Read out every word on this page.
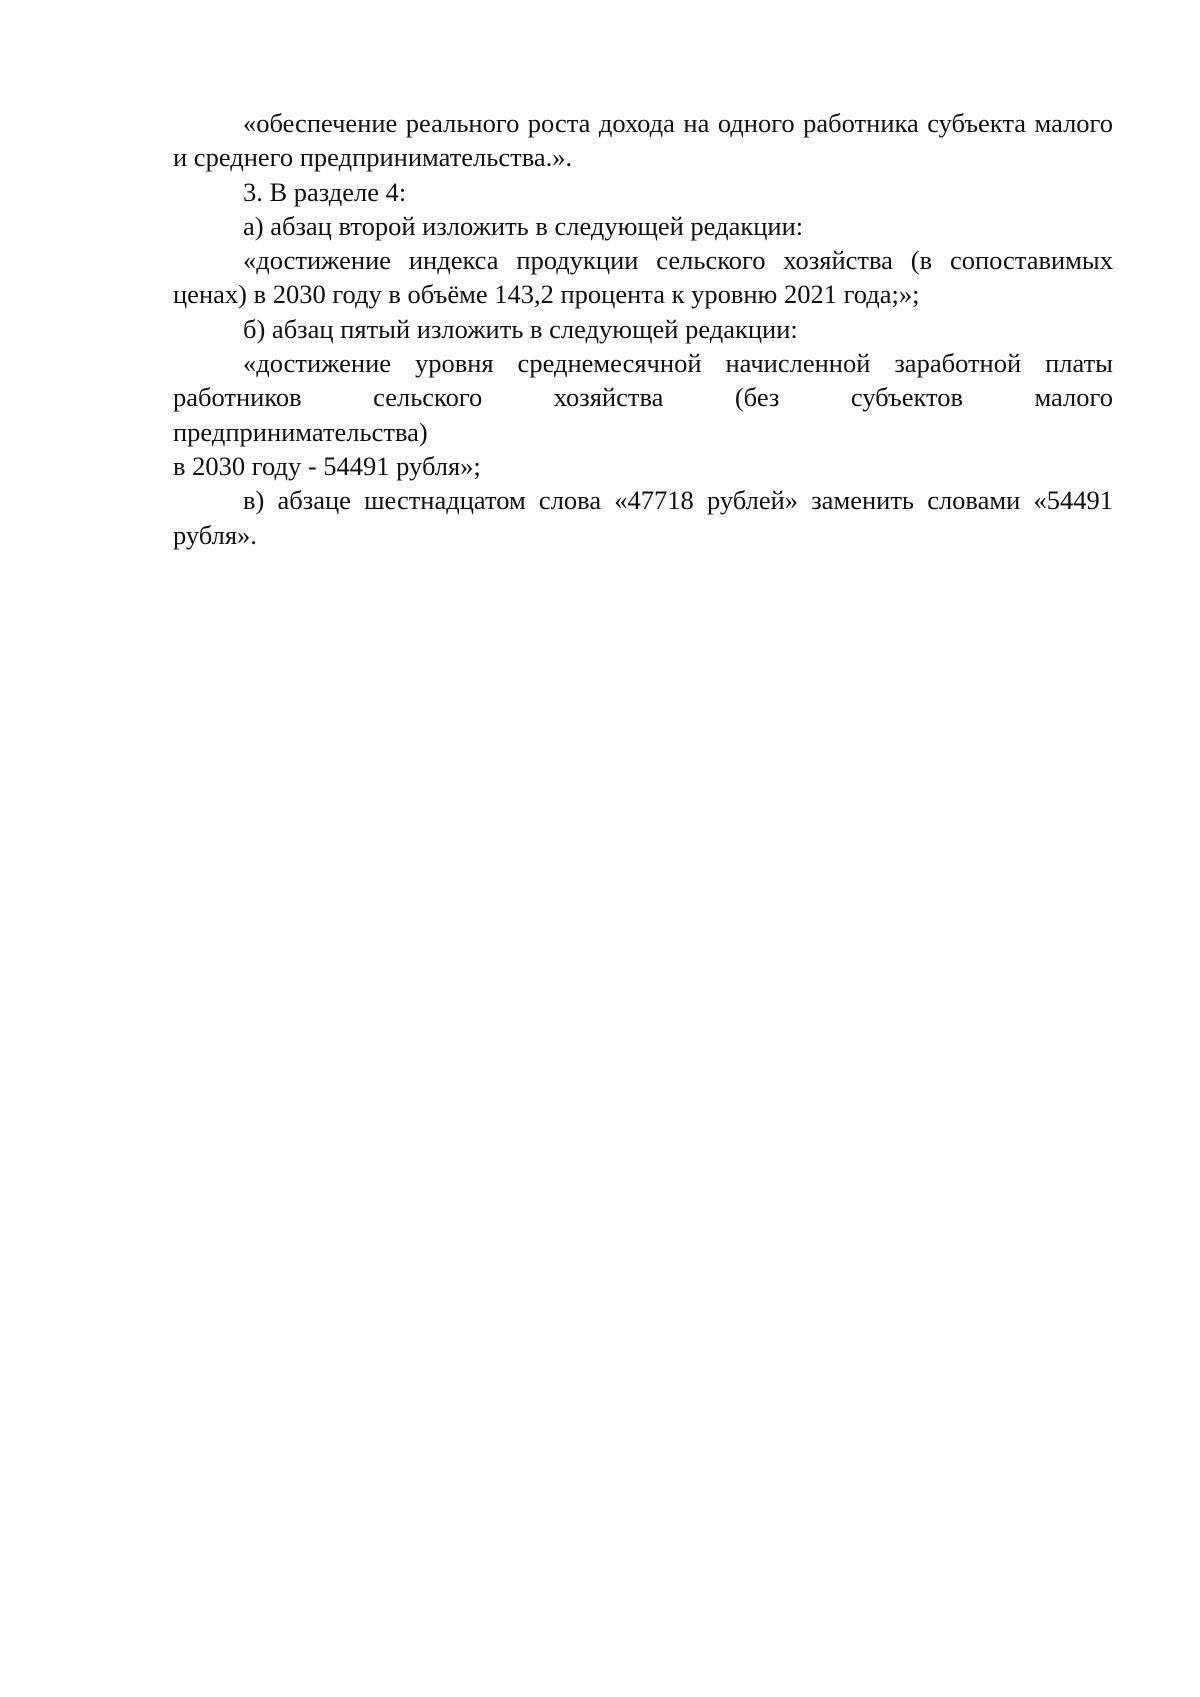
«обеспечение реального роста дохода на одного работника субъекта малого и среднего предпринимательства.».

3. В разделе 4:

а) абзац второй изложить в следующей редакции:

«достижение индекса продукции сельского хозяйства (в сопоставимых ценах) в 2030 году в объёме 143,2 процента к уровню 2021 года;»;

б) абзац пятый изложить в следующей редакции:

«достижение уровня среднемесячной начисленной заработной платы

работников сельского хозяйства (без субъектов малого

предпринимательства)

в 2030 году - 54491 рубля»;

в) абзаце шестнадцатом слова «47718 рублей» заменить словами «54491 рубля».
